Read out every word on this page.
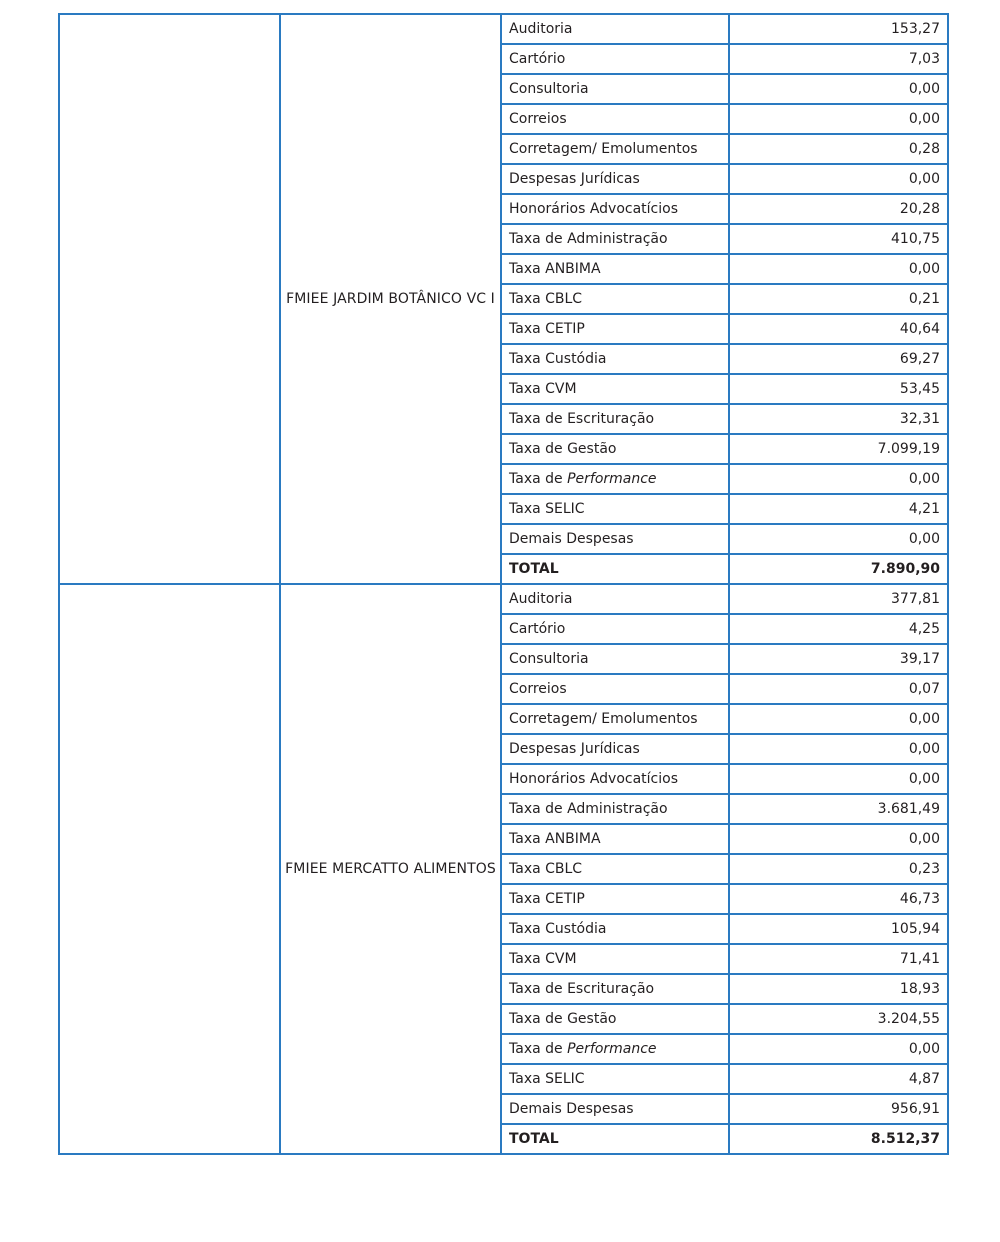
	FMIEE JARDIM BOTÂNICO VC I	Auditoria	153,27
		Cartório	7,03
		Consultoria	0,00
		Correios	0,00
		Corretagem/ Emolumentos	0,28
		Despesas Jurídicas	0,00
		Honorários Advocatícios	20,28
		Taxa de Administração	410,75
		Taxa ANBIMA	0,00
		Taxa CBLC	0,21
		Taxa CETIP	40,64
		Taxa Custódia	69,27
		Taxa CVM	53,45
		Taxa de Escrituração	32,31
		Taxa de Gestão	7.099,19
		Taxa de Performance	0,00
		Taxa SELIC	4,21
		Demais Despesas	0,00
		TOTAL	7.890,90
	FMIEE MERCATTO ALIMENTOS	Auditoria	377,81
		Cartório	4,25
		Consultoria	39,17
		Correios	0,07
		Corretagem/ Emolumentos	0,00
		Despesas Jurídicas	0,00
		Honorários Advocatícios	0,00
		Taxa de Administração	3.681,49
		Taxa ANBIMA	0,00
		Taxa CBLC	0,23
		Taxa CETIP	46,73
		Taxa Custódia	105,94
		Taxa CVM	71,41
		Taxa de Escrituração	18,93
		Taxa de Gestão	3.204,55
		Taxa de Performance	0,00
		Taxa SELIC	4,87
		Demais Despesas	956,91
		TOTAL	8.512,37
